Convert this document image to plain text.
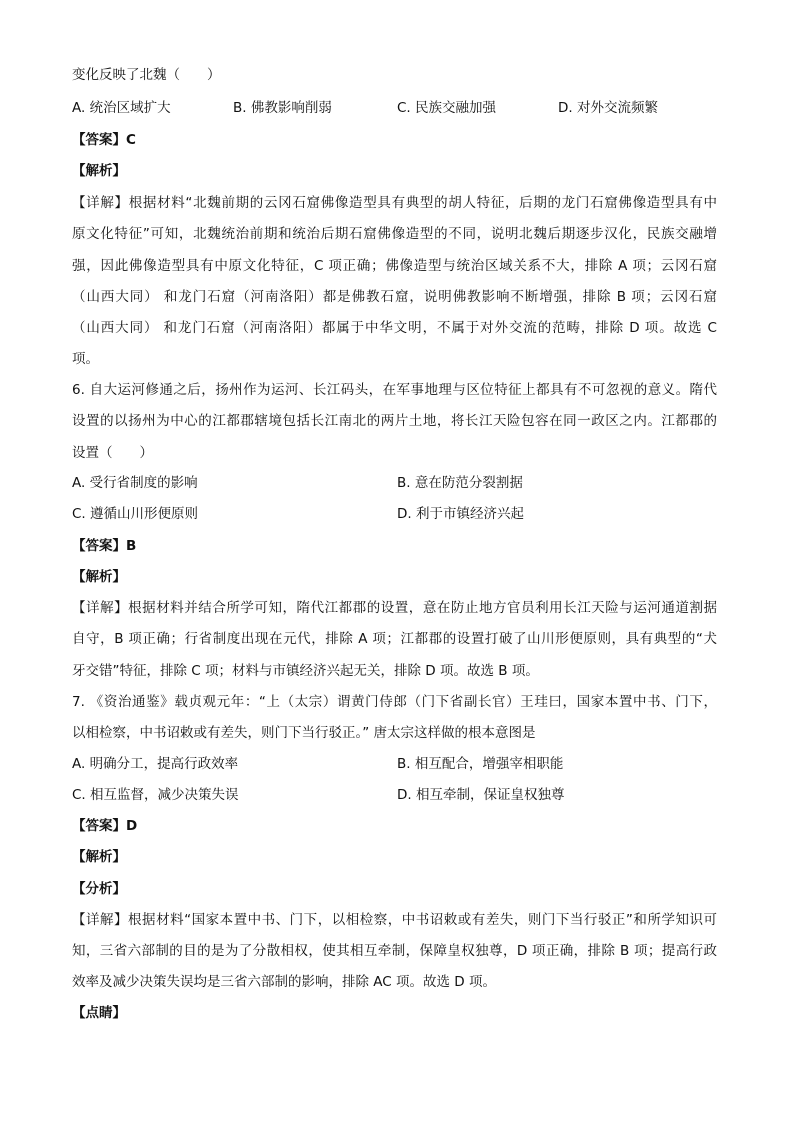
变化反映了北魏（　　）

A. 统治区域扩大	B. 佛教影响削弱	C. 民族交融加强	D. 对外交流频繁

【答案】C

【解析】

【详解】根据材料“北魏前期的云冈石窟佛像造型具有典型的胡人特征，后期的龙门石窟佛像造型具有中

原文化特征”可知，北魏统治前期和统治后期石窟佛像造型的不同，说明北魏后期逐步汉化，民族交融增

强，因此佛像造型具有中原文化特征，C 项正确；佛像造型与统治区域关系不大，排除 A 项；云冈石窟

（山西大同） 和龙门石窟（河南洛阳）都是佛教石窟，说明佛教影响不断增强，排除 B 项；云冈石窟

（山西大同） 和龙门石窟（河南洛阳）都属于中华文明，不属于对外交流的范畴，排除 D 项。故选 C

项。

6. 自大运河修通之后，扬州作为运河、长江码头，在军事地理与区位特征上都具有不可忽视的意义。隋代

设置的以扬州为中心的江都郡辖境包括长江南北的两片土地，将长江天险包容在同一政区之内。江都郡的

设置（　　）

A. 受行省制度的影响	B. 意在防范分裂割据
C. 遵循山川形便原则	D. 利于市镇经济兴起

【答案】B

【解析】

【详解】根据材料并结合所学可知，隋代江都郡的设置，意在防止地方官员利用长江天险与运河通道割据

自守，B 项正确；行省制度出现在元代，排除 A 项；江都郡的设置打破了山川形便原则，具有典型的“犬

牙交错”特征，排除 C 项；材料与市镇经济兴起无关，排除 D 项。故选 B 项。

7. 《资治通鉴》载贞观元年：“上（太宗）谓黄门侍郎（门下省副长官）王珪曰，国家本置中书、门下，

以相检察，中书诏敕或有差失，则门下当行驳正。” 唐太宗这样做的根本意图是

A. 明确分工，提高行政效率	B. 相互配合，增强宰相职能
C. 相互监督，减少决策失误	D. 相互牵制，保证皇权独尊

【答案】D

【解析】

【分析】

【详解】根据材料“国家本置中书、门下，以相检察，中书诏敕或有差失，则门下当行驳正”和所学知识可

知，三省六部制的目的是为了分散相权，使其相互牵制，保障皇权独尊，D 项正确，排除 B 项；提高行政

效率及减少决策失误均是三省六部制的影响，排除 AC 项。故选 D 项。

【点睛】
